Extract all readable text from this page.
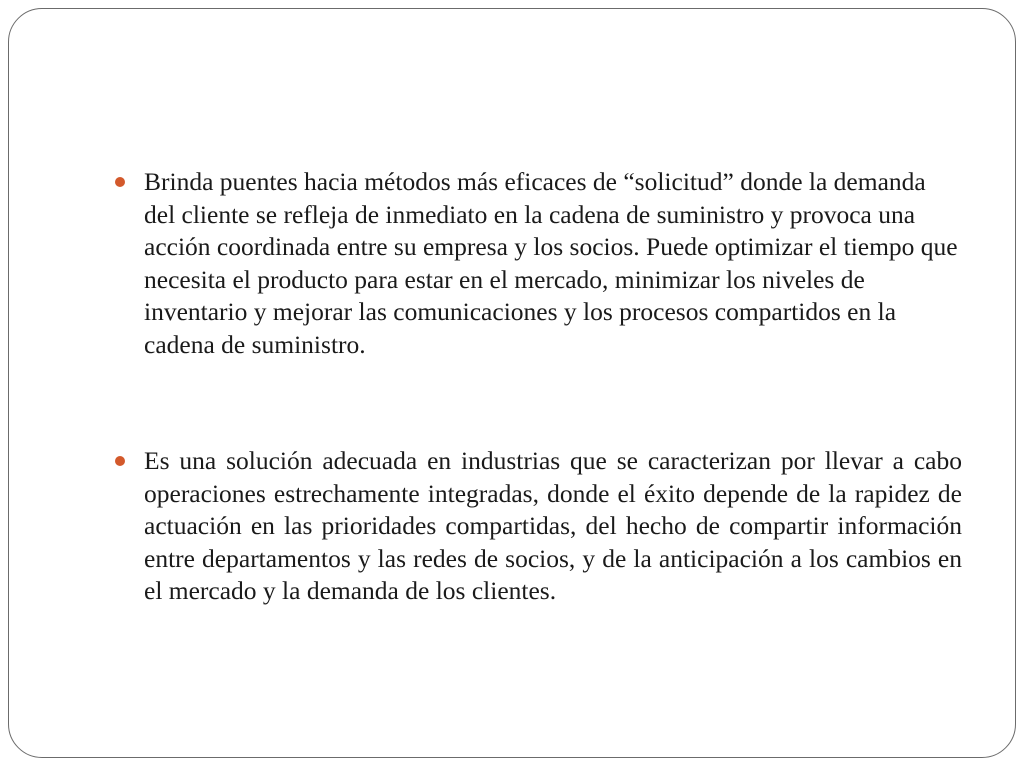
Brinda puentes hacia métodos más eficaces de “solicitud” donde la demanda del cliente se refleja de inmediato en la cadena de suministro y provoca una acción coordinada entre su empresa y los socios. Puede optimizar el tiempo que necesita el producto para estar en el mercado, minimizar los niveles de inventario y mejorar las comunicaciones y los procesos compartidos en la cadena de suministro.
Es una solución adecuada en industrias que se caracterizan por llevar a cabo operaciones estrechamente integradas, donde el éxito depende de la rapidez de actuación en las prioridades compartidas, del hecho de compartir información entre departamentos y las redes de socios, y de la anticipación a los cambios en el mercado y la demanda de los clientes.
